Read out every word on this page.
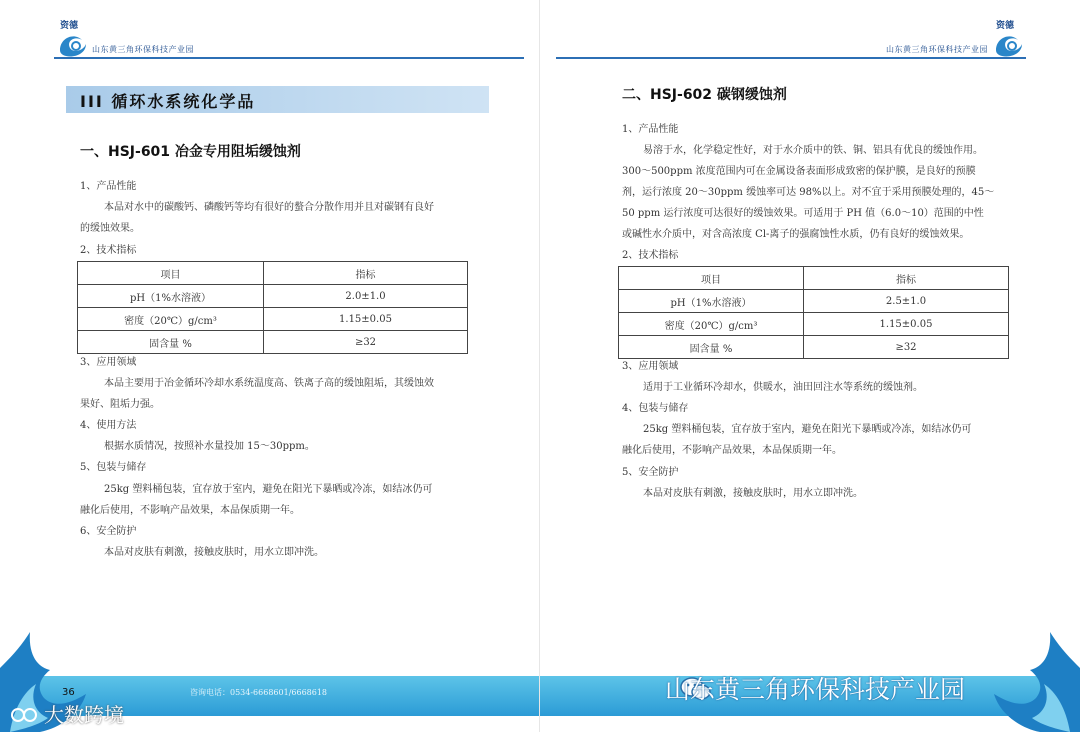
资德
山东黄三角环保科技产业园
III 循环水系统化学品
一、HSJ-601 冶金专用阻垢缓蚀剂
1、产品性能
本品对水中的碳酸钙、磷酸钙等均有很好的螯合分散作用并且对碳钢有良好
的缓蚀效果。
2、技术指标
项目	指标
pH（1%水溶液）	2.0±1.0
密度（20℃）g/cm³	1.15±0.05
固含量 %	≥32
3、应用领域
本品主要用于冶金循环冷却水系统温度高、铁离子高的缓蚀阻垢，其缓蚀效
果好、阻垢力强。
4、使用方法
根据水质情况，按照补水量投加 15～30ppm。
5、包装与储存
25kg 塑料桶包装，宜存放于室内，避免在阳光下暴晒或冷冻，如结冰仍可
融化后使用，不影响产品效果，本品保质期一年。
6、安全防护
本品对皮肤有刺激，接触皮肤时，用水立即冲洗。
36	咨询电话：0534-6668601/6668618
山东黄三角环保科技产业园
资德
二、HSJ-602 碳钢缓蚀剂
1、产品性能
易溶于水，化学稳定性好，对于水介质中的铁、铜、铝具有优良的缓蚀作用。
300～500ppm 浓度范围内可在金属设备表面形成致密的保护膜，是良好的预膜
剂，运行浓度 20～30ppm 缓蚀率可达 98%以上。对不宜于采用预膜处理的，45～
50 ppm 运行浓度可达很好的缓蚀效果。可适用于 PH 值（6.0～10）范围的中性
或碱性水介质中，对含高浓度 Cl-离子的强腐蚀性水质，仍有良好的缓蚀效果。
2、技术指标
项目	指标
pH（1%水溶液）	2.5±1.0
密度（20℃）g/cm³	1.15±0.05
固含量 %	≥32
3、应用领域
适用于工业循环冷却水，供暖水，油田回注水等系统的缓蚀剂。
4、包装与储存
25kg 塑料桶包装，宜存放于室内，避免在阳光下暴晒或冷冻，如结冰仍可
融化后使用，不影响产品效果，本品保质期一年。
5、安全防护
本品对皮肤有刺激，接触皮肤时，用水立即冲洗。
山东黄三角环保科技产业园
大数跨境
